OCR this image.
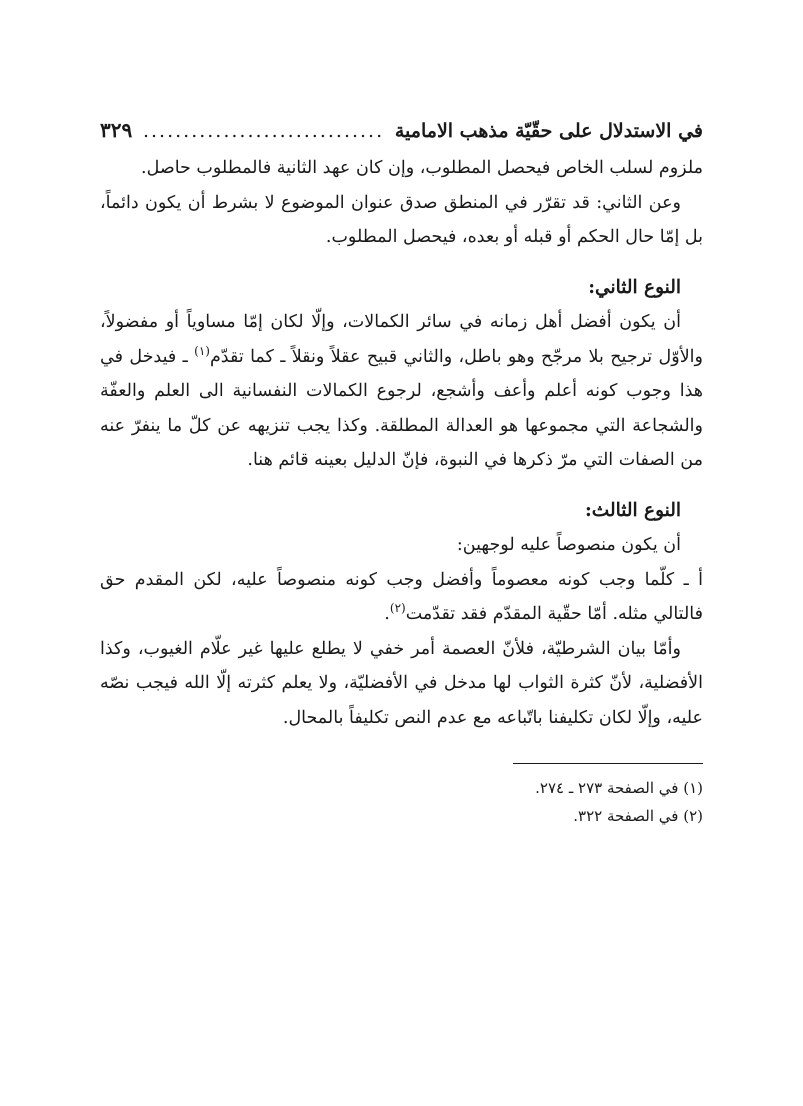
في الاستدلال على حقّيّة مذهب الامامية
..............................
٣٢٩

ملزوم لسلب الخاص فيحصل المطلوب، وإن كان عهد الثانية فالمطلوب حاصل.

وعن الثاني: قد تقرّر في المنطق صدق عنوان الموضوع لا بشرط أن يكون دائماً، بل إمّا حال الحكم أو قبله أو بعده، فيحصل المطلوب.

النوع الثاني:

أن يكون أفضل أهل زمانه في سائر الكمالات، وإلّا لكان إمّا مساوياً أو مفضولاً، والأوّل ترجيح بلا مرجّح وهو باطل، والثاني قبيح عقلاً ونقلاً ـ كما تقدّم$^{(١)}$ ـ فيدخل في هذا وجوب كونه أعلم وأعف وأشجع، لرجوع الكمالات النفسانية الى العلم والعفّة والشجاعة التي مجموعها هو العدالة المطلقة. وكذا يجب تنزيهه عن كلّ ما ينفرّ عنه من الصفات التي مرّ ذكرها في النبوة، فإنّ الدليل بعينه قائم هنا.

النوع الثالث:

أن يكون منصوصاً عليه لوجهين:

أ ـ كلّما وجب كونه معصوماً وأفضل وجب كونه منصوصاً عليه، لكن المقدم حق فالتالي مثله. أمّا حقّية المقدّم فقد تقدّمت$^{(٢)}$.

وأمّا بيان الشرطيّة، فلأنّ العصمة أمر خفي لا يطلع عليها غير علّام الغيوب، وكذا الأفضلية، لأنّ كثرة الثواب لها مدخل في الأفضليّة، ولا يعلم كثرته إلّا الله فيجب نصّه عليه، وإلّا لكان تكليفنا باتّباعه مع عدم النص تكليفاً بالمحال.

(١) في الصفحة ٢٧٣ ـ ٢٧٤.

(٢) في الصفحة ٣٢٢.
